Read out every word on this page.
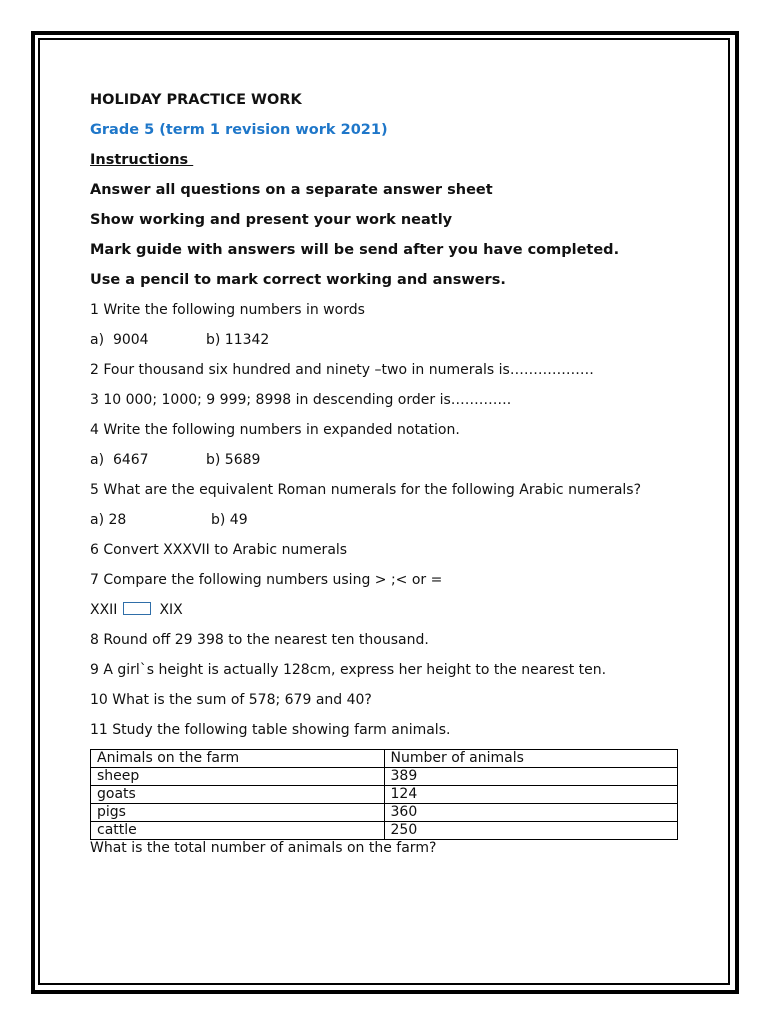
HOLIDAY PRACTICE WORK
Grade 5 (term 1 revision work 2021)
Instructions
Answer all questions on a separate answer sheet
Show working and present your work neatly
Mark guide with answers will be send after you have completed.
Use a pencil to mark correct working and answers.
1 Write the following numbers in words
a)  9004	b) 11342
2 Four thousand six hundred and ninety –two in numerals is………………
3 10 000; 1000; 9 999; 8998 in descending order is………….
4 Write the following numbers in expanded notation.
a)  6467	b) 5689
5 What are the equivalent Roman numerals for the following Arabic numerals?
a) 28	b) 49
6 Convert XXXVII to Arabic numerals
7 Compare the following numbers using > ;< or =
XXII	XIX
8 Round off 29 398 to the nearest ten thousand.
9 A girl`s height is actually 128cm, express her height to the nearest ten.
10 What is the sum of 578; 679 and 40?
11 Study the following table showing farm animals.
Animals on the farm	Number of animals
sheep	389
goats	124
pigs	360
cattle	250
What is the total number of animals on the farm?
